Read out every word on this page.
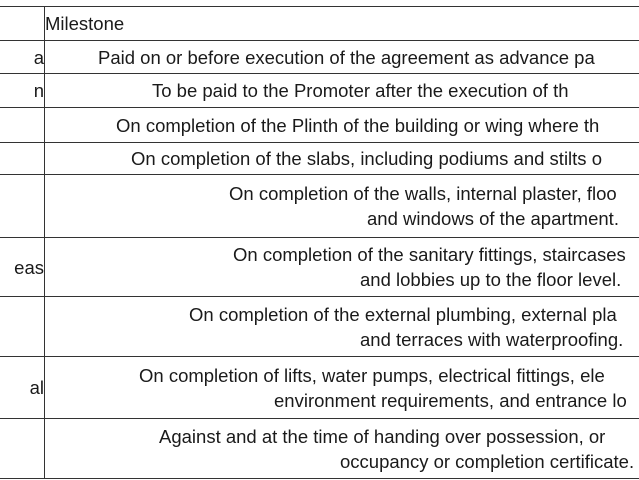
	Milestone
a	Paid on or before execution of the agreement as advance pa

n	To be paid to the Promoter after the execution of th

	On completion of the Plinth of the building or wing where th

	On completion of the slabs, including podiums and stilts o

	On completion of the walls, internal plaster, floo
and windows of the apartment.

eas	On completion of the sanitary fittings, staircases
and lobbies up to the floor level.

	On completion of the external plumbing, external pla
and terraces with waterproofing.

al	On completion of lifts, water pumps, electrical fittings, ele
environment requirements, and entrance lo

	Against and at the time of handing over possession, or
occupancy or completion certificate.
